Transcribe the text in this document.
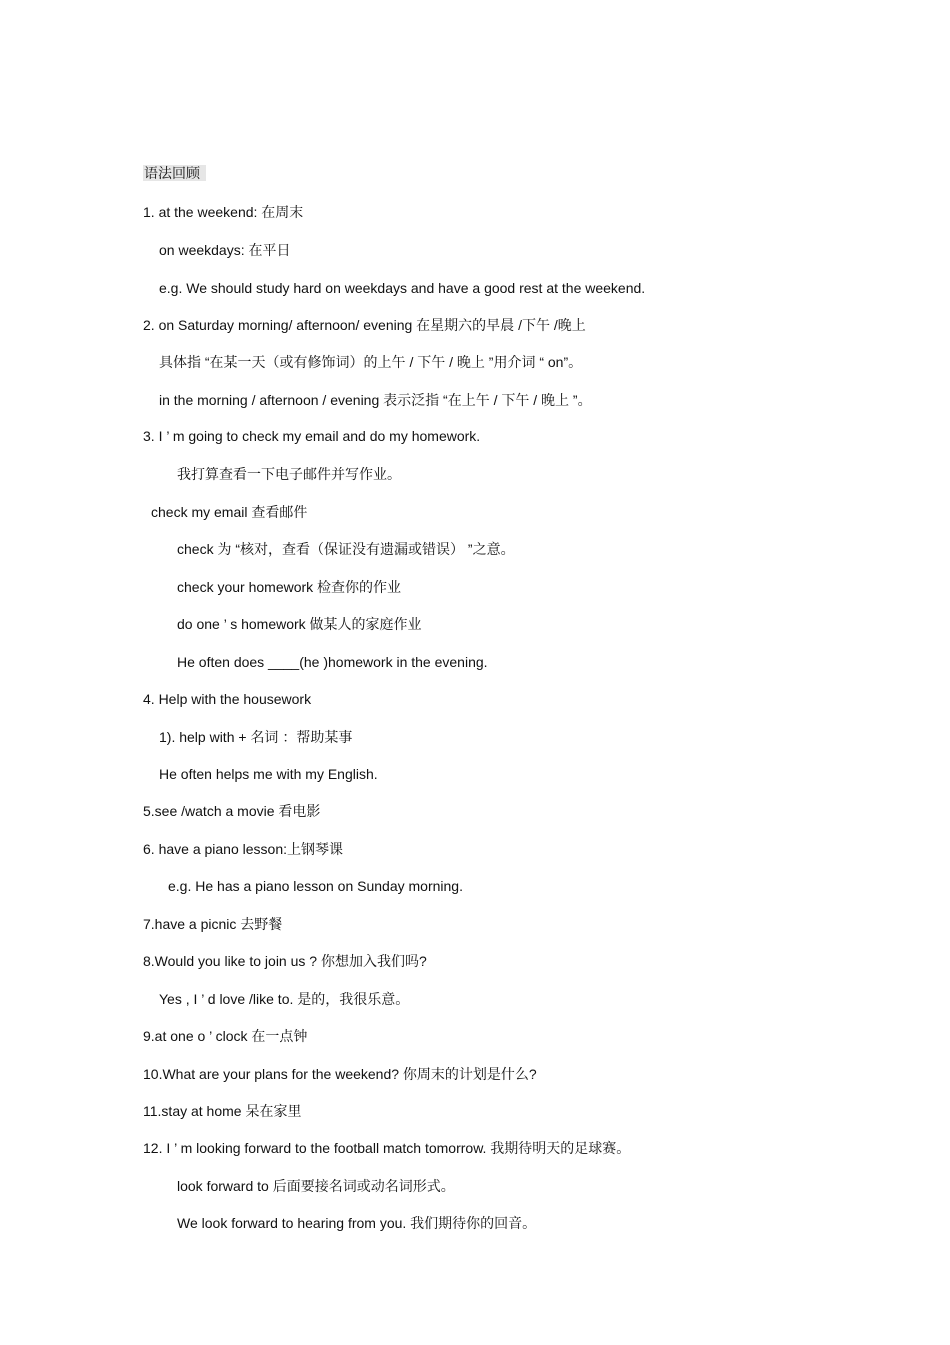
语法回顾
1. at the weekend: 在周末
on weekdays: 在平日
e.g. We should study hard on weekdays and have a good rest at the weekend.
2. on Saturday morning/ afternoon/ evening 在星期六的早晨 /下午 /晚上
具体指 “在某一天（或有修饰词）的上午 / 下午 / 晚上 ”用介词 “ on”。
in the morning / afternoon / evening 表示泛指 “在上午 / 下午 / 晚上 ”。
3. I ’ m going to check my email and do my homework.
我打算查看一下电子邮件并写作业。
check my email 查看邮件
check 为 “核对，查看（保证没有遗漏或错误） ”之意。
check your homework 检查你的作业
do one ’ s homework 做某人的家庭作业
He often does ____(he )homework in the evening.
4. Help with the housework
1). help with + 名词 ：帮助某事
He often helps me with my English.
5.see /watch a movie 看电影
6. have a piano lesson:上钢琴课
e.g. He has a piano lesson on Sunday morning.
7.have a picnic 去野餐
8.Would you like to join us ? 你想加入我们吗?
Yes , I ’ d love /like to. 是的，我很乐意。
9.at one o ’ clock 在一点钟
10.What are your plans for the weekend? 你周末的计划是什么?
11.stay at home 呆在家里
12. I ’ m looking forward to the football match tomorrow. 我期待明天的足球赛。
look forward to 后面要接名词或动名词形式。
We look forward to hearing from you. 我们期待你的回音。
